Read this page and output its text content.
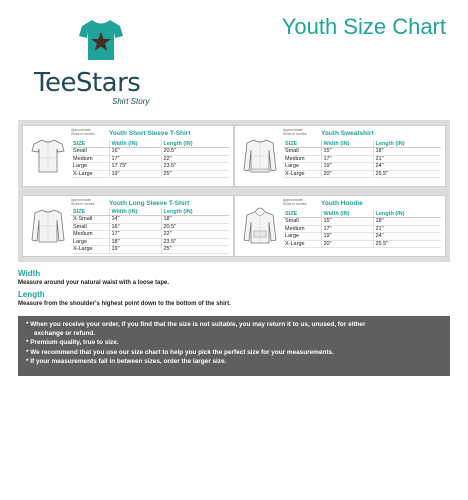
TeeStars
Shirt Story
Youth Size Chart
Approximate Sizes in Inches	Youth Short Sleeve T-Shirt
SIZE	Width (IN)	Length (IN)
Small	16"	20.5"
Medium	17"	22"
Large	17.75"	23.5"
X-Large	19"	25"
Approximate Sizes in Inches	Youth Sweatshirt
SIZE	Width (IN)	Length (IN)
Small	15"	18"
Medium	17"	21"
Large	19"	24"
X-Large	20"	25.5"
Approximate Sizes in Inches	Youth Long Sleeve T-Shirt
SIZE	Width (IN)	Length (IN)
X-Small	14"	18"
Small	16"	20.5"
Medium	17"	22"
Large	18"	23.5"
X-Large	19"	25"
Approximate Sizes in Inches	Youth Hoodie
SIZE	Width (IN)	Length (IN)
Small	15"	18"
Medium	17"	21"
Large	19"	24"
X-Large	20"	25.5"
Width
Measure around your natural waist with a loose tape.
Length
Measure from the shoulder's highest point down to the bottom of the shirt.
* When you receive your order, if you find that the size is not suitable, you may return it to us, unused, for either
exchange or refund.
* Premium quality, true to size.
* We recommend that you use our size chart to help you pick the perfect size for your measurements.
* If your measurements fall in between sizes, order the larger size.
